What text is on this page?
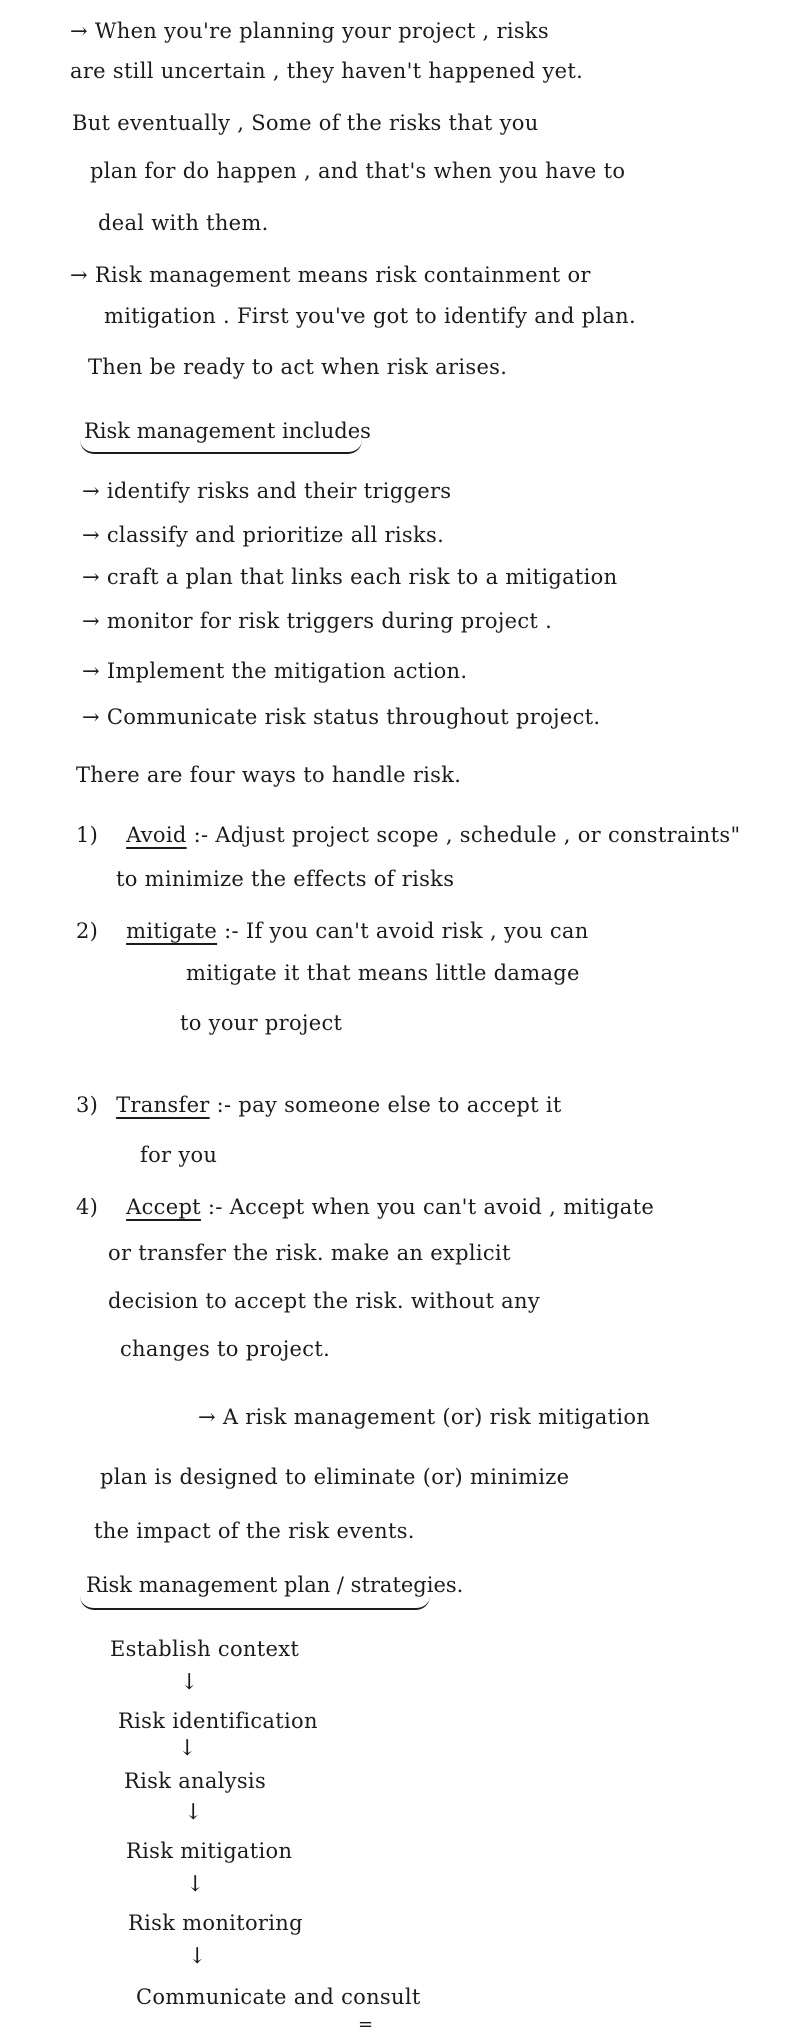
→ When you're planning your project , risks
are still uncertain , they haven't happened yet.
But eventually , Some of the risks that you
plan for do happen , and that's when you have to
deal with them.
→ Risk management means risk containment or
mitigation . First you've got to identify and plan.
Then be ready to act when risk arises.
Risk management includes
→ identify risks and their triggers
→ classify and prioritize all risks.
→ craft a plan that links each risk to a mitigation
→ monitor for risk triggers during project .
→ Implement the mitigation action.
→ Communicate risk status throughout project.
There are four ways to handle risk.
1) Avoid :- Adjust project scope , schedule , or constraints"
to minimize the effects of risks
2) mitigate :- If you can't avoid risk , you can
mitigate it that means little damage
to your project
3) Transfer :- pay someone else to accept it
for you
4) Accept :- Accept when you can't avoid , mitigate
or transfer the risk. make an explicit
decision to accept the risk. without any
changes to project.
→ A risk management (or) risk mitigation
plan is designed to eliminate (or) minimize
the impact of the risk events.
Risk management plan / strategies.
Establish context
↓
Risk identification
↓
Risk analysis
↓
Risk mitigation
↓
Risk monitoring
↓
Communicate and consult
=
